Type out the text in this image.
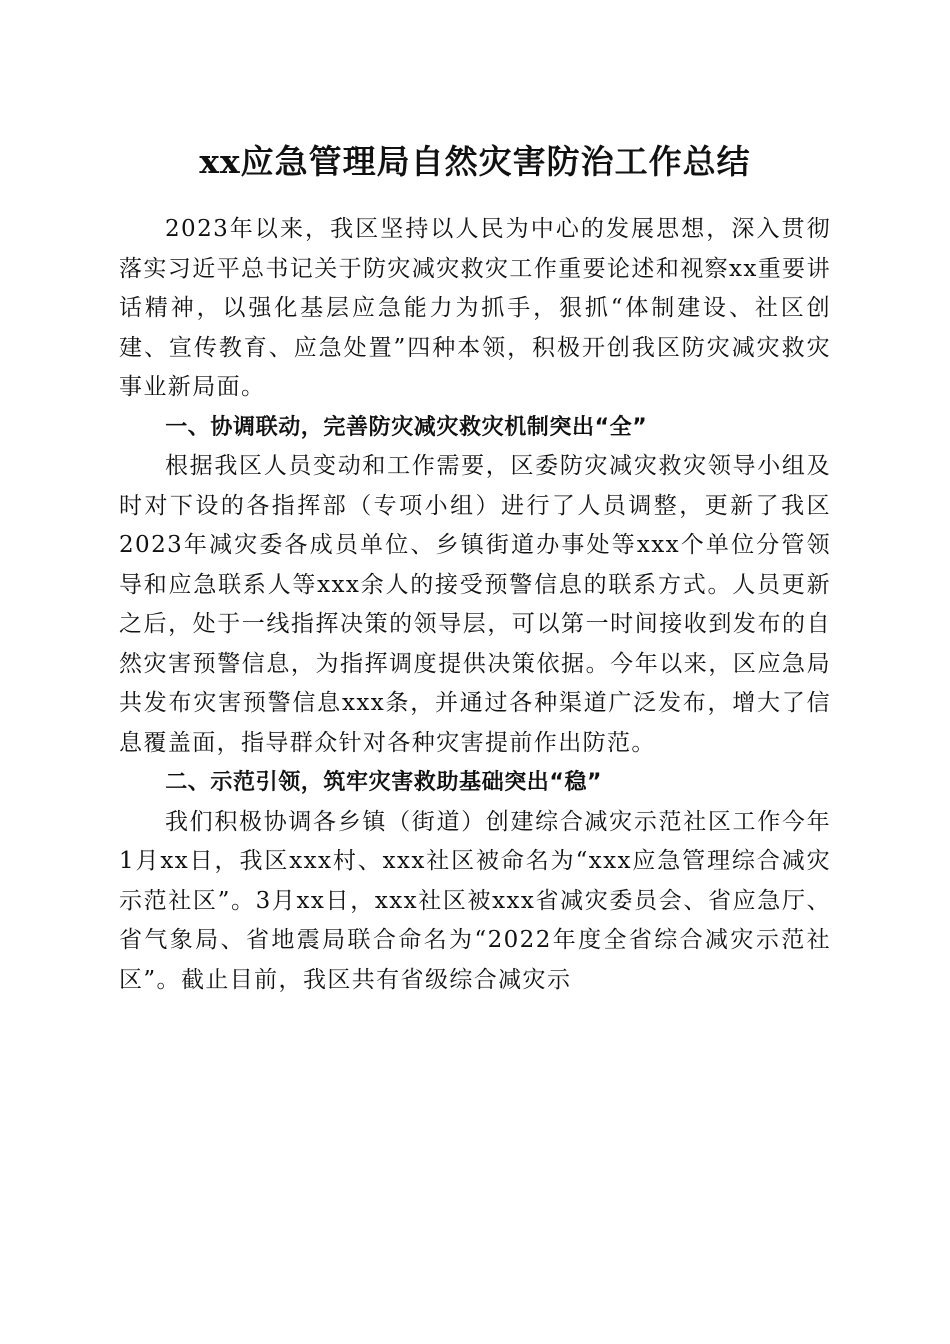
xx应急管理局自然灾害防治工作总结

2023年以来，我区坚持以人民为中心的发展思想，深入贯彻落实习近平总书记关于防灾减灾救灾工作重要论述和视察xx重要讲话精神，以强化基层应急能力为抓手，狠抓“体制建设、社区创建、宣传教育、应急处置”四种本领，积极开创我区防灾减灾救灾事业新局面。

一、协调联动，完善防灾减灾救灾机制突出“全”

根据我区人员变动和工作需要，区委防灾减灾救灾领导小组及时对下设的各指挥部（专项小组）进行了人员调整，更新了我区2023年减灾委各成员单位、乡镇街道办事处等xxx个单位分管领导和应急联系人等xxx余人的接受预警信息的联系方式。人员更新之后，处于一线指挥决策的领导层，可以第一时间接收到发布的自然灾害预警信息，为指挥调度提供决策依据。今年以来，区应急局共发布灾害预警信息xxx条，并通过各种渠道广泛发布，增大了信息覆盖面，指导群众针对各种灾害提前作出防范。

二、示范引领，筑牢灾害救助基础突出“稳”

我们积极协调各乡镇（街道）创建综合减灾示范社区工作今年1月xx日，我区xxx村、xxx社区被命名为“xxx应急管理综合减灾示范社区”。3月xx日，xxx社区被xxx省减灾委员会、省应急厅、省气象局、省地震局联合命名为“2022年度全省综合减灾示范社区”。截止目前，我区共有省级综合减灾示
